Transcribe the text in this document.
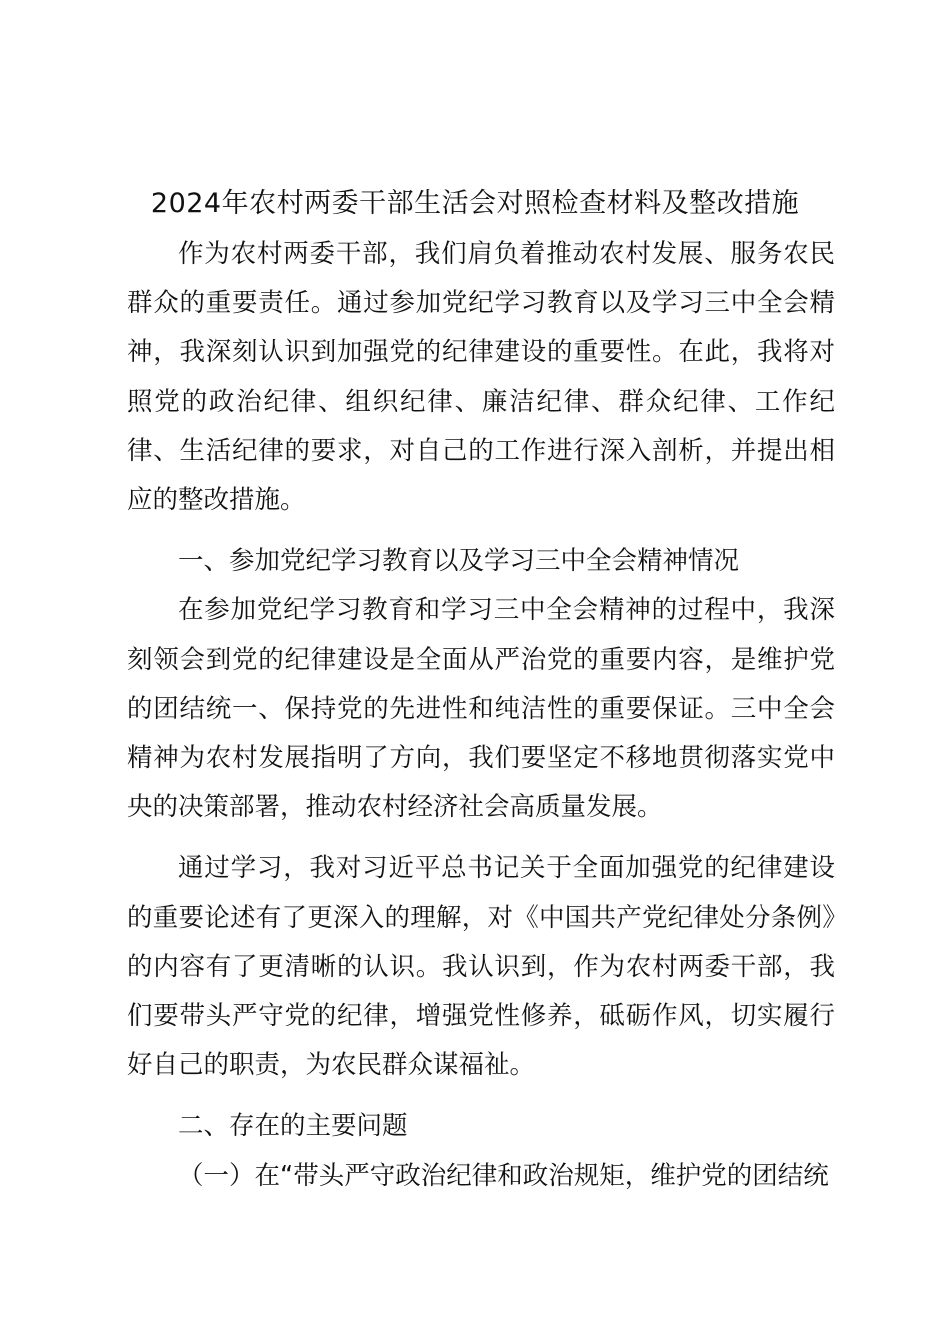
2024年农村两委干部生活会对照检查材料及整改措施

作为农村两委干部，我们肩负着推动农村发展、服务农民群众的重要责任。通过参加党纪学习教育以及学习三中全会精神，我深刻认识到加强党的纪律建设的重要性。在此，我将对照党的政治纪律、组织纪律、廉洁纪律、群众纪律、工作纪律、生活纪律的要求，对自己的工作进行深入剖析，并提出相应的整改措施。

一、参加党纪学习教育以及学习三中全会精神情况

在参加党纪学习教育和学习三中全会精神的过程中，我深刻领会到党的纪律建设是全面从严治党的重要内容，是维护党的团结统一、保持党的先进性和纯洁性的重要保证。三中全会精神为农村发展指明了方向，我们要坚定不移地贯彻落实党中央的决策部署，推动农村经济社会高质量发展。

通过学习，我对习近平总书记关于全面加强党的纪律建设的重要论述有了更深入的理解，对《中国共产党纪律处分条例》的内容有了更清晰的认识。我认识到，作为农村两委干部，我们要带头严守党的纪律，增强党性修养，砥砺作风，切实履行好自己的职责，为农民群众谋福祉。

二、存在的主要问题

（一）在“带头严守政治纪律和政治规矩，维护党的团结统
